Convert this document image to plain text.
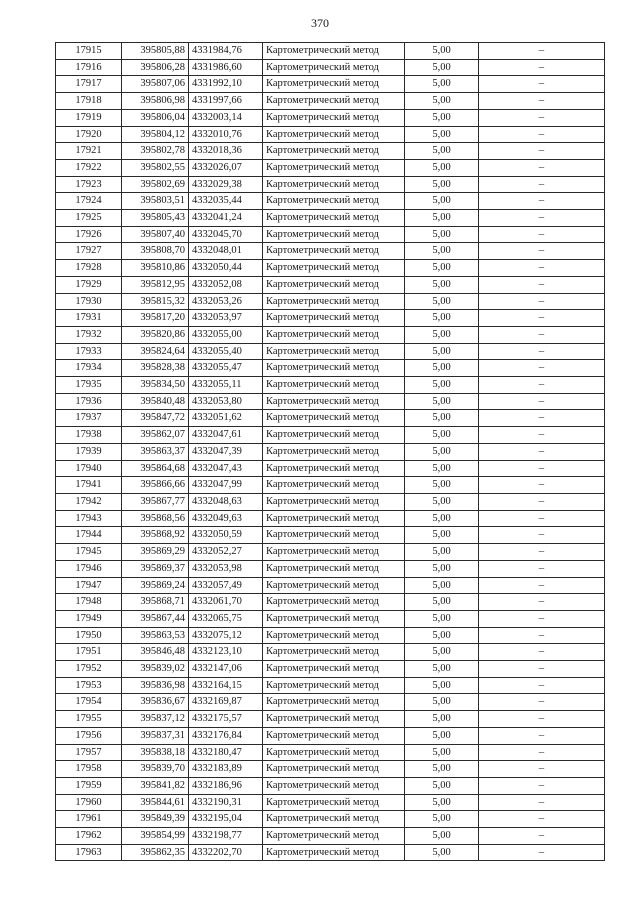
370
17915	395805,88	4331984,76	Картометрический метод	5,00	–
17916	395806,28	4331986,60	Картометрический метод	5,00	–
17917	395807,06	4331992,10	Картометрический метод	5,00	–
17918	395806,98	4331997,66	Картометрический метод	5,00	–
17919	395806,04	4332003,14	Картометрический метод	5,00	–
17920	395804,12	4332010,76	Картометрический метод	5,00	–
17921	395802,78	4332018,36	Картометрический метод	5,00	–
17922	395802,55	4332026,07	Картометрический метод	5,00	–
17923	395802,69	4332029,38	Картометрический метод	5,00	–
17924	395803,51	4332035,44	Картометрический метод	5,00	–
17925	395805,43	4332041,24	Картометрический метод	5,00	–
17926	395807,40	4332045,70	Картометрический метод	5,00	–
17927	395808,70	4332048,01	Картометрический метод	5,00	–
17928	395810,86	4332050,44	Картометрический метод	5,00	–
17929	395812,95	4332052,08	Картометрический метод	5,00	–
17930	395815,32	4332053,26	Картометрический метод	5,00	–
17931	395817,20	4332053,97	Картометрический метод	5,00	–
17932	395820,86	4332055,00	Картометрический метод	5,00	–
17933	395824,64	4332055,40	Картометрический метод	5,00	–
17934	395828,38	4332055,47	Картометрический метод	5,00	–
17935	395834,50	4332055,11	Картометрический метод	5,00	–
17936	395840,48	4332053,80	Картометрический метод	5,00	–
17937	395847,72	4332051,62	Картометрический метод	5,00	–
17938	395862,07	4332047,61	Картометрический метод	5,00	–
17939	395863,37	4332047,39	Картометрический метод	5,00	–
17940	395864,68	4332047,43	Картометрический метод	5,00	–
17941	395866,66	4332047,99	Картометрический метод	5,00	–
17942	395867,77	4332048,63	Картометрический метод	5,00	–
17943	395868,56	4332049,63	Картометрический метод	5,00	–
17944	395868,92	4332050,59	Картометрический метод	5,00	–
17945	395869,29	4332052,27	Картометрический метод	5,00	–
17946	395869,37	4332053,98	Картометрический метод	5,00	–
17947	395869,24	4332057,49	Картометрический метод	5,00	–
17948	395868,71	4332061,70	Картометрический метод	5,00	–
17949	395867,44	4332065,75	Картометрический метод	5,00	–
17950	395863,53	4332075,12	Картометрический метод	5,00	–
17951	395846,48	4332123,10	Картометрический метод	5,00	–
17952	395839,02	4332147,06	Картометрический метод	5,00	–
17953	395836,98	4332164,15	Картометрический метод	5,00	–
17954	395836,67	4332169,87	Картометрический метод	5,00	–
17955	395837,12	4332175,57	Картометрический метод	5,00	–
17956	395837,31	4332176,84	Картометрический метод	5,00	–
17957	395838,18	4332180,47	Картометрический метод	5,00	–
17958	395839,70	4332183,89	Картометрический метод	5,00	–
17959	395841,82	4332186,96	Картометрический метод	5,00	–
17960	395844,61	4332190,31	Картометрический метод	5,00	–
17961	395849,39	4332195,04	Картометрический метод	5,00	–
17962	395854,99	4332198,77	Картометрический метод	5,00	–
17963	395862,35	4332202,70	Картометрический метод	5,00	–
